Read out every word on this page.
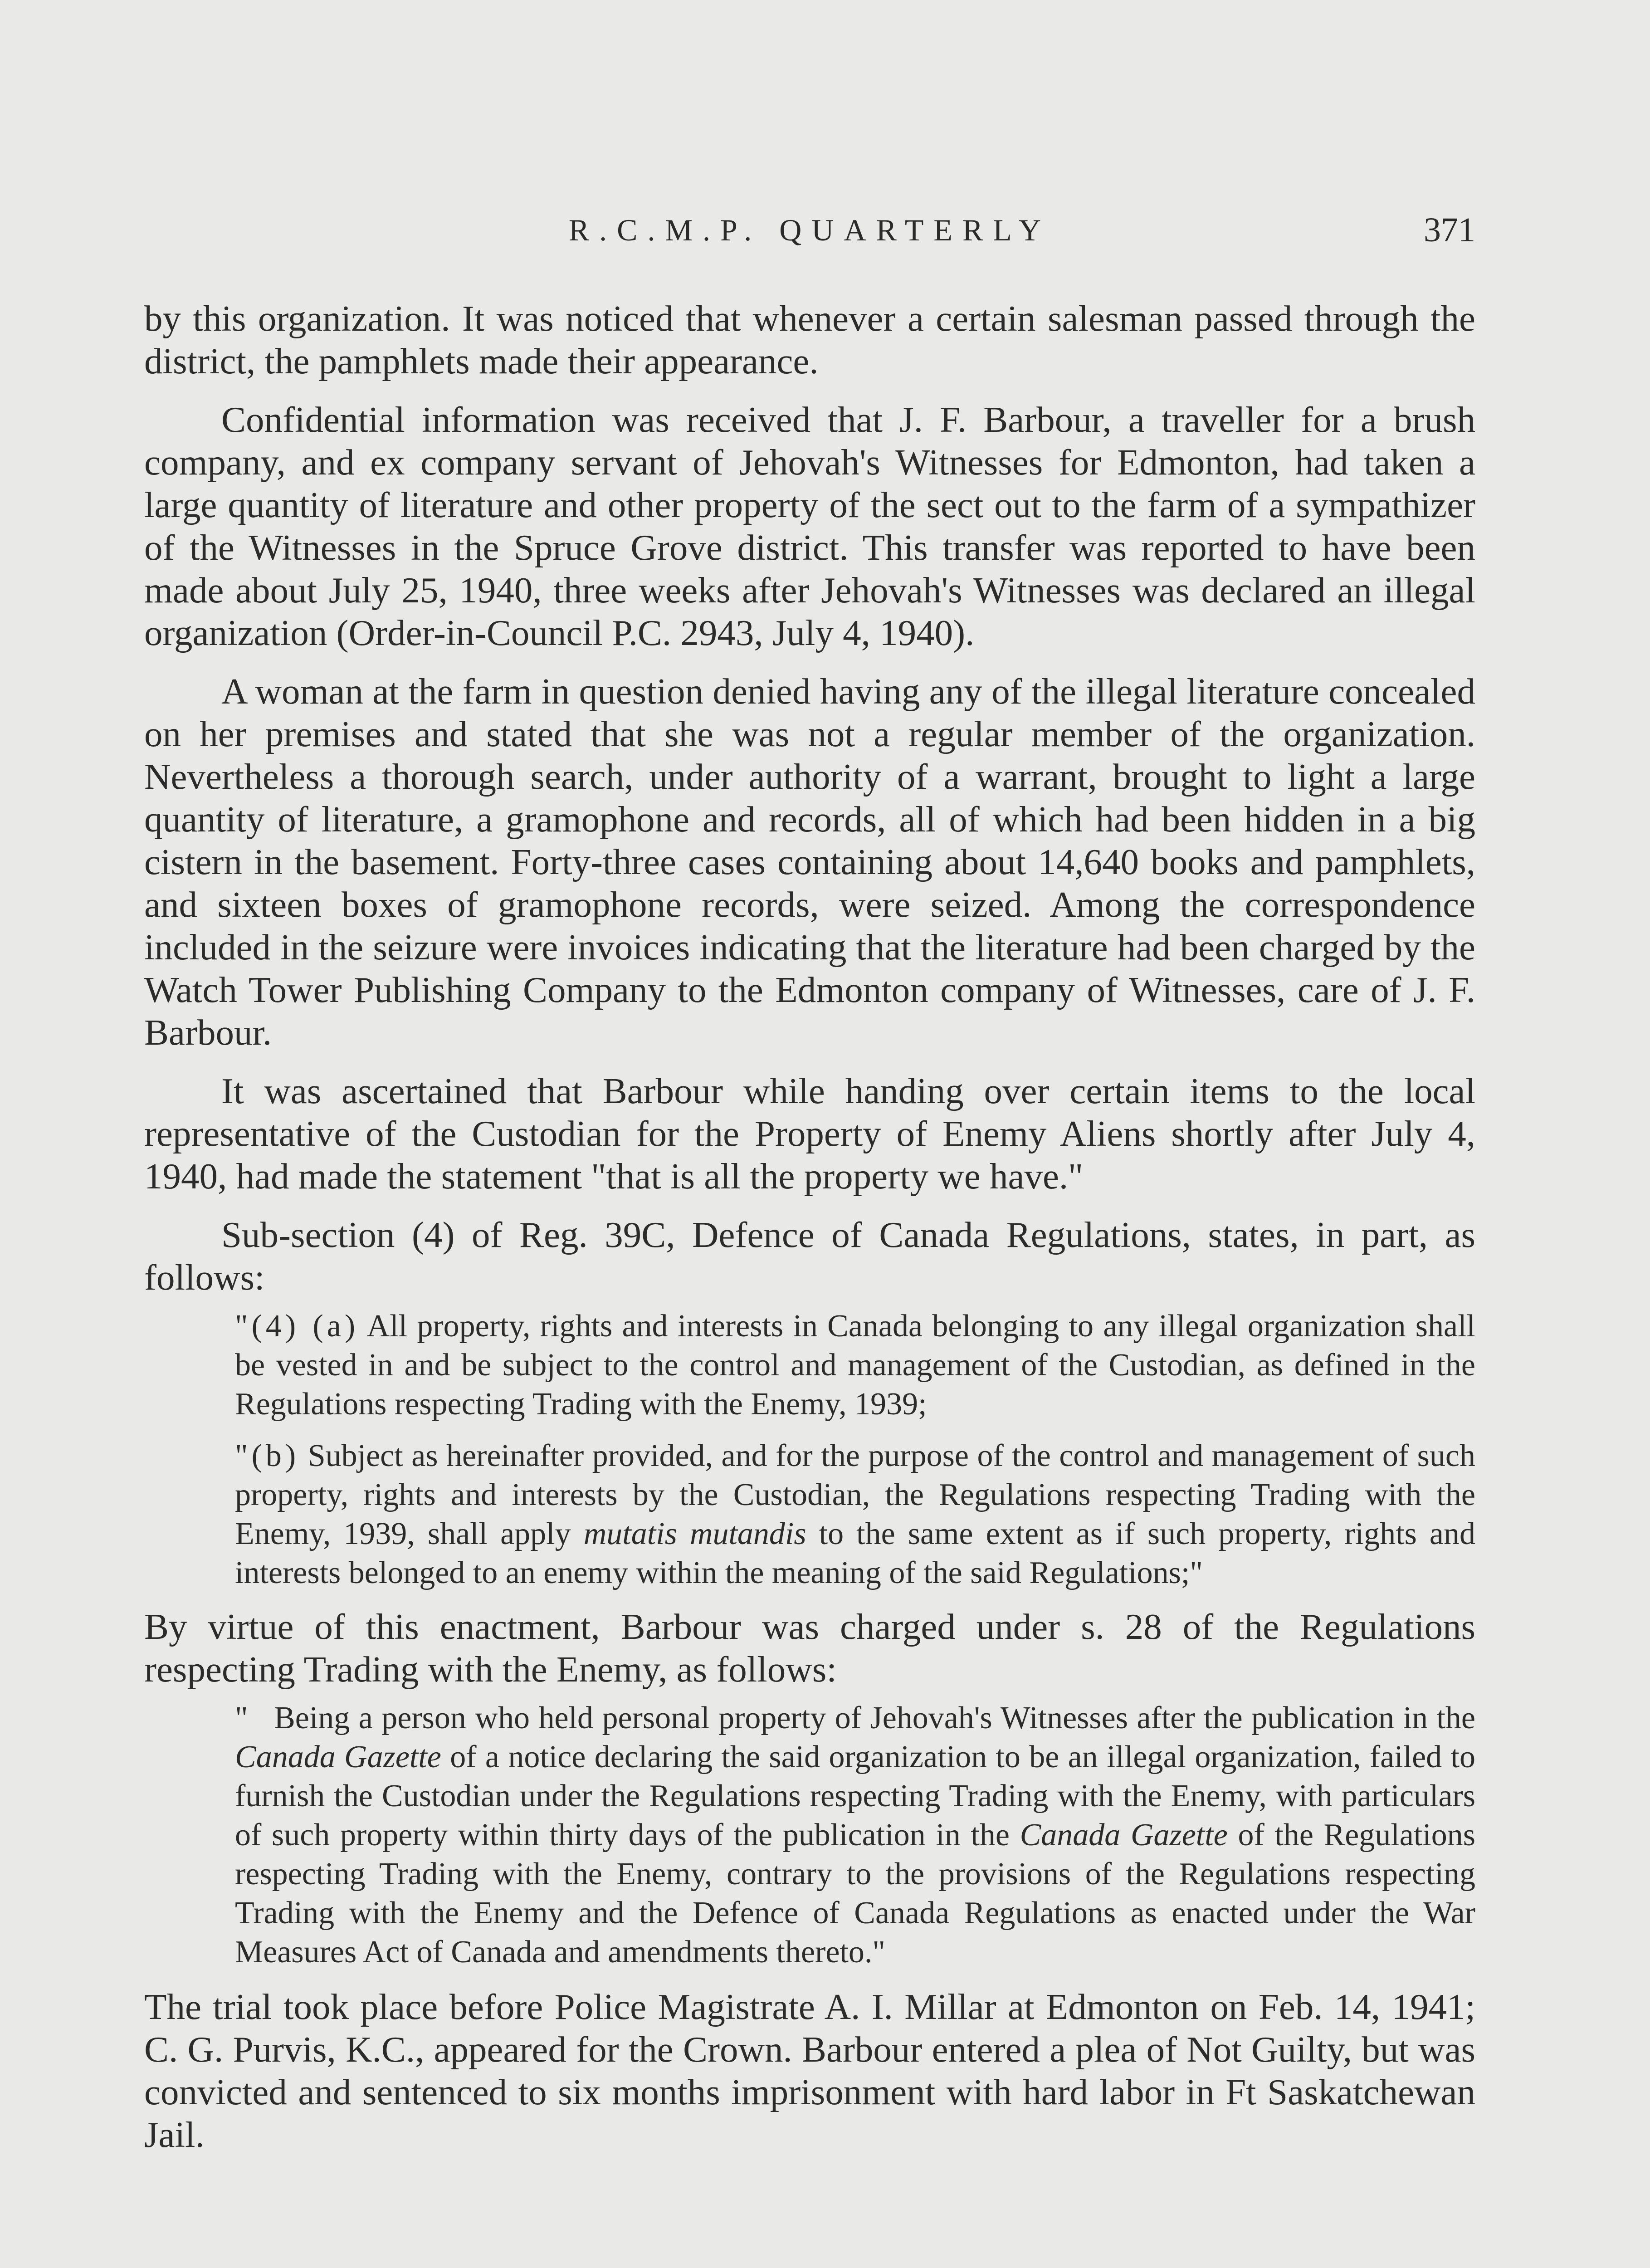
R.C.M.P. QUARTERLY	371

by this organization. It was noticed that whenever a certain salesman passed through the district, the pamphlets made their appearance.

Confidential information was received that J. F. Barbour, a traveller for a brush company, and ex company servant of Jehovah's Witnesses for Edmonton, had taken a large quantity of literature and other property of the sect out to the farm of a sympathizer of the Witnesses in the Spruce Grove district. This transfer was reported to have been made about July 25, 1940, three weeks after Jehovah's Witnesses was declared an illegal organization (Order-in-Council P.C. 2943, July 4, 1940).

A woman at the farm in question denied having any of the illegal literature concealed on her premises and stated that she was not a regular member of the organization. Nevertheless a thorough search, under authority of a warrant, brought to light a large quantity of literature, a gramophone and records, all of which had been hidden in a big cistern in the basement. Forty-three cases containing about 14,640 books and pamphlets, and sixteen boxes of gramophone records, were seized. Among the correspondence included in the seizure were invoices indicating that the literature had been charged by the Watch Tower Publishing Company to the Edmonton company of Witnesses, care of J. F. Barbour.

It was ascertained that Barbour while handing over certain items to the local representative of the Custodian for the Property of Enemy Aliens shortly after July 4, 1940, had made the statement "that is all the property we have."

Sub-section (4) of Reg. 39C, Defence of Canada Regulations, states, in part, as follows:

"(4) (a) All property, rights and interests in Canada belonging to any illegal organization shall be vested in and be subject to the control and management of the Custodian, as defined in the Regulations respecting Trading with the Enemy, 1939;
"(b) Subject as hereinafter provided, and for the purpose of the control and management of such property, rights and interests by the Custodian, the Regulations respecting Trading with the Enemy, 1939, shall apply mutatis mutandis to the same extent as if such property, rights and interests belonged to an enemy within the meaning of the said Regulations;"

By virtue of this enactment, Barbour was charged under s. 28 of the Regulations respecting Trading with the Enemy, as follows:

" Being a person who held personal property of Jehovah's Witnesses after the publication in the Canada Gazette of a notice declaring the said organization to be an illegal organization, failed to furnish the Custodian under the Regulations respecting Trading with the Enemy, with particulars of such property within thirty days of the publication in the Canada Gazette of the Regulations respecting Trading with the Enemy, contrary to the provisions of the Regulations respecting Trading with the Enemy and the Defence of Canada Regulations as enacted under the War Measures Act of Canada and amendments thereto."

The trial took place before Police Magistrate A. I. Millar at Edmonton on Feb. 14, 1941; C. G. Purvis, K.C., appeared for the Crown. Barbour entered a plea of Not Guilty, but was convicted and sentenced to six months imprisonment with hard labor in Ft Saskatchewan Jail.
